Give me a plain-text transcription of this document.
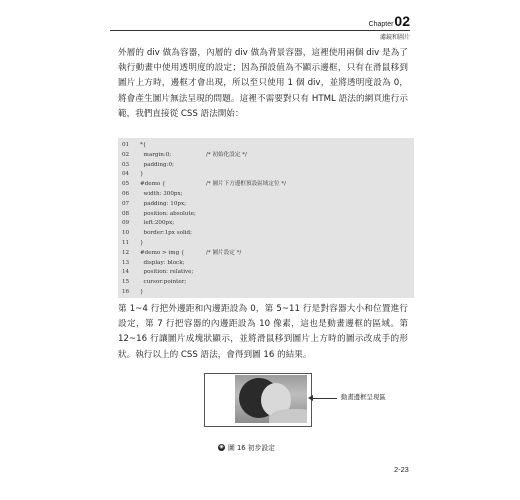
Chapter 02
濾鏡和圖片

外層的 div 做為容器，內層的 div 做為背景容器，這裡使用兩個 div 是為了執行動畫中使用透明度的設定；因為預設值為不顯示邊框，只有在滑鼠移到圖片上方時，邊框才會出現，所以至只使用 1 個 div，並將透明度設為 0，將會產生圖片無法呈現的問題。這裡不需要對只有 HTML 語法的網頁進行示範，我們直接從 CSS 語法開始：

01 *{
02  margin:0;	/* 初始化設定 */
03  padding:0;
04 }
05 #demo {	/* 圖片下方邊框預設區域定位 */
06  width: 300px;
07  padding: 10px;
08  position: absolute;
09  left:200px;
10  border:1px solid;
11 }
12 #demo > img {	/* 圖片設定 */
13  display: block;
14  position: relative;
15  cursor:pointer;
16 }

第 1~4 行把外邊距和內邊距設為 0，第 5~11 行是對容器大小和位置進行設定，第 7 行把容器的內邊距設為 10 像素，這也是動畫邊框的區域。第 12~16 行讓圖片成塊狀顯示，並將滑鼠移到圖片上方時的圖示改成手的形狀。執行以上的 CSS 語法，會得到圖 16 的結果。

動畫邊框呈現區
◉ 圖 16 初步設定
2-23
